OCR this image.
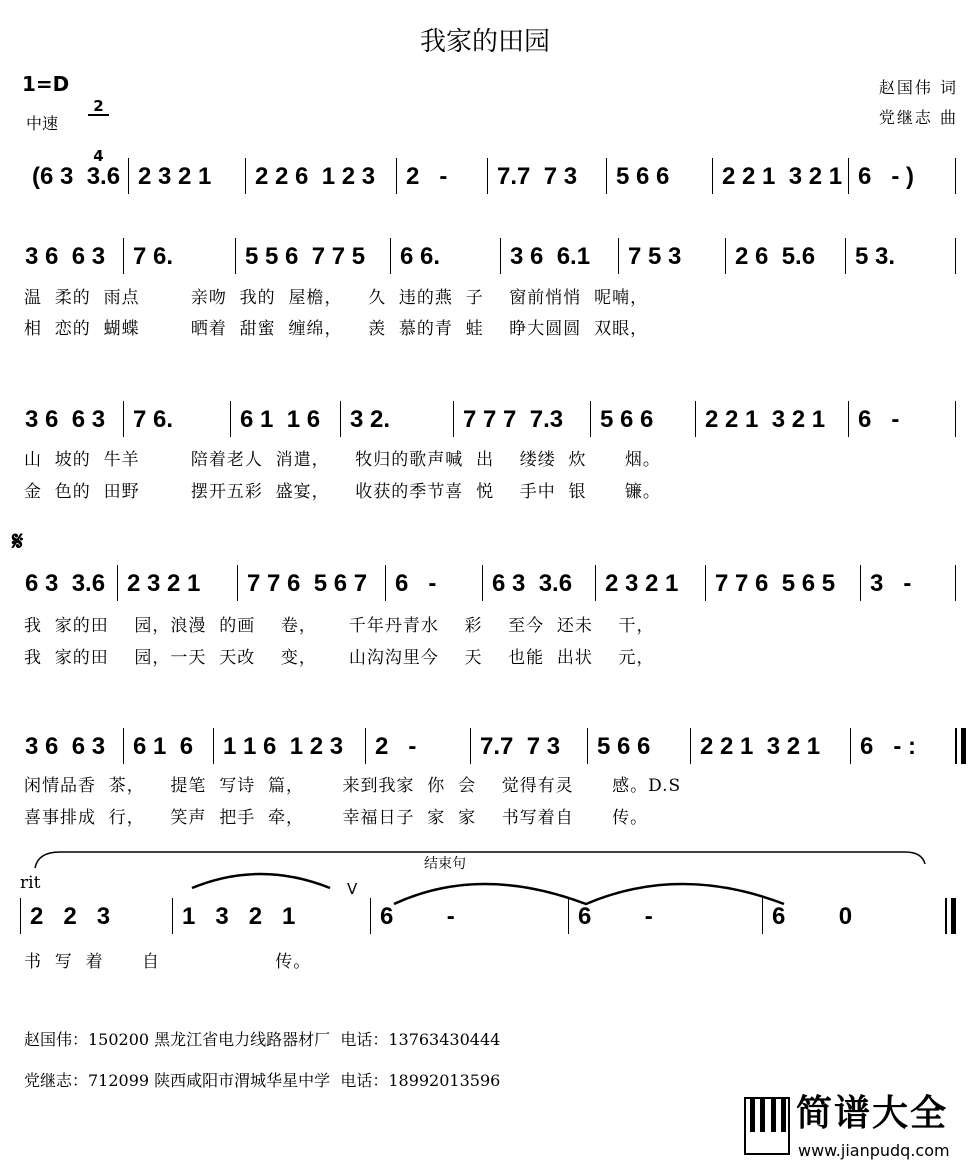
我家的田园
1=D

2

4

中速
赵国伟 词
党继志 曲
𝄋
rit
结束句
V
(6 3  3.6 2 3 2 1	2 2 6  1 2 3	2   -	7.7  7 3	5 6 6	2 2 1  3 2 1 6   - )
3 6  6 3	7 6.	5 5 6  7 7 5	6 6.	3 6  6.1	7 5 3	2 6  5.6	5 3.
温  柔的  雨点        亲吻  我的  屋檐，    久  违的燕  子    窗前悄悄  呢喃，
相  恋的  蝴蝶        晒着  甜蜜  缠绵，    羡  慕的青  蛙    睁大圆圆  双眼，
3 6  6 3	7 6.	6 1  1 6	3 2.	7 7 7  7.3	5 6 6	2 2 1  3 2 1	6   -
山  坡的  牛羊        陪着老人  消遣，    牧归的歌声喊  出    缕缕  炊      烟。
金  色的  田野        摆开五彩  盛宴，    收获的季节喜  悦    手中  银      镰。
6 3  3.6 2 3 2 1	7 7 6  5 6 7	6   -	6 3  3.6	2 3 2 1	7 7 6  5 6 5	3   -
我  家的田    园，浪漫  的画    卷，     千年丹青水    彩    至今  还未    干，
我  家的田    园，一天  天改    变，     山沟沟里今    天    也能  出状    元，
3 6  6 3	6 1  6	1 1 6  1 2 3	2   -	7.7  7 3	5 6 6	2 2 1  3 2 1	6   - :
闲情品香  茶，    提笔  写诗  篇，      来到我家  你  会    觉得有灵      感。D.S
喜事排成  行，    笑声  把手  牵，      幸福日子  家  家    书写着自      传。
2   2   3	1   3   2   1	6        -	6        -	6        0
书  写  着      自                  传。
赵国伟：150200 黑龙江省电力线路器材厂  电话：13763430444
党继志：712099 陕西咸阳市渭城华星中学  电话：18992013596

简谱大全

www.jianpudq.com
